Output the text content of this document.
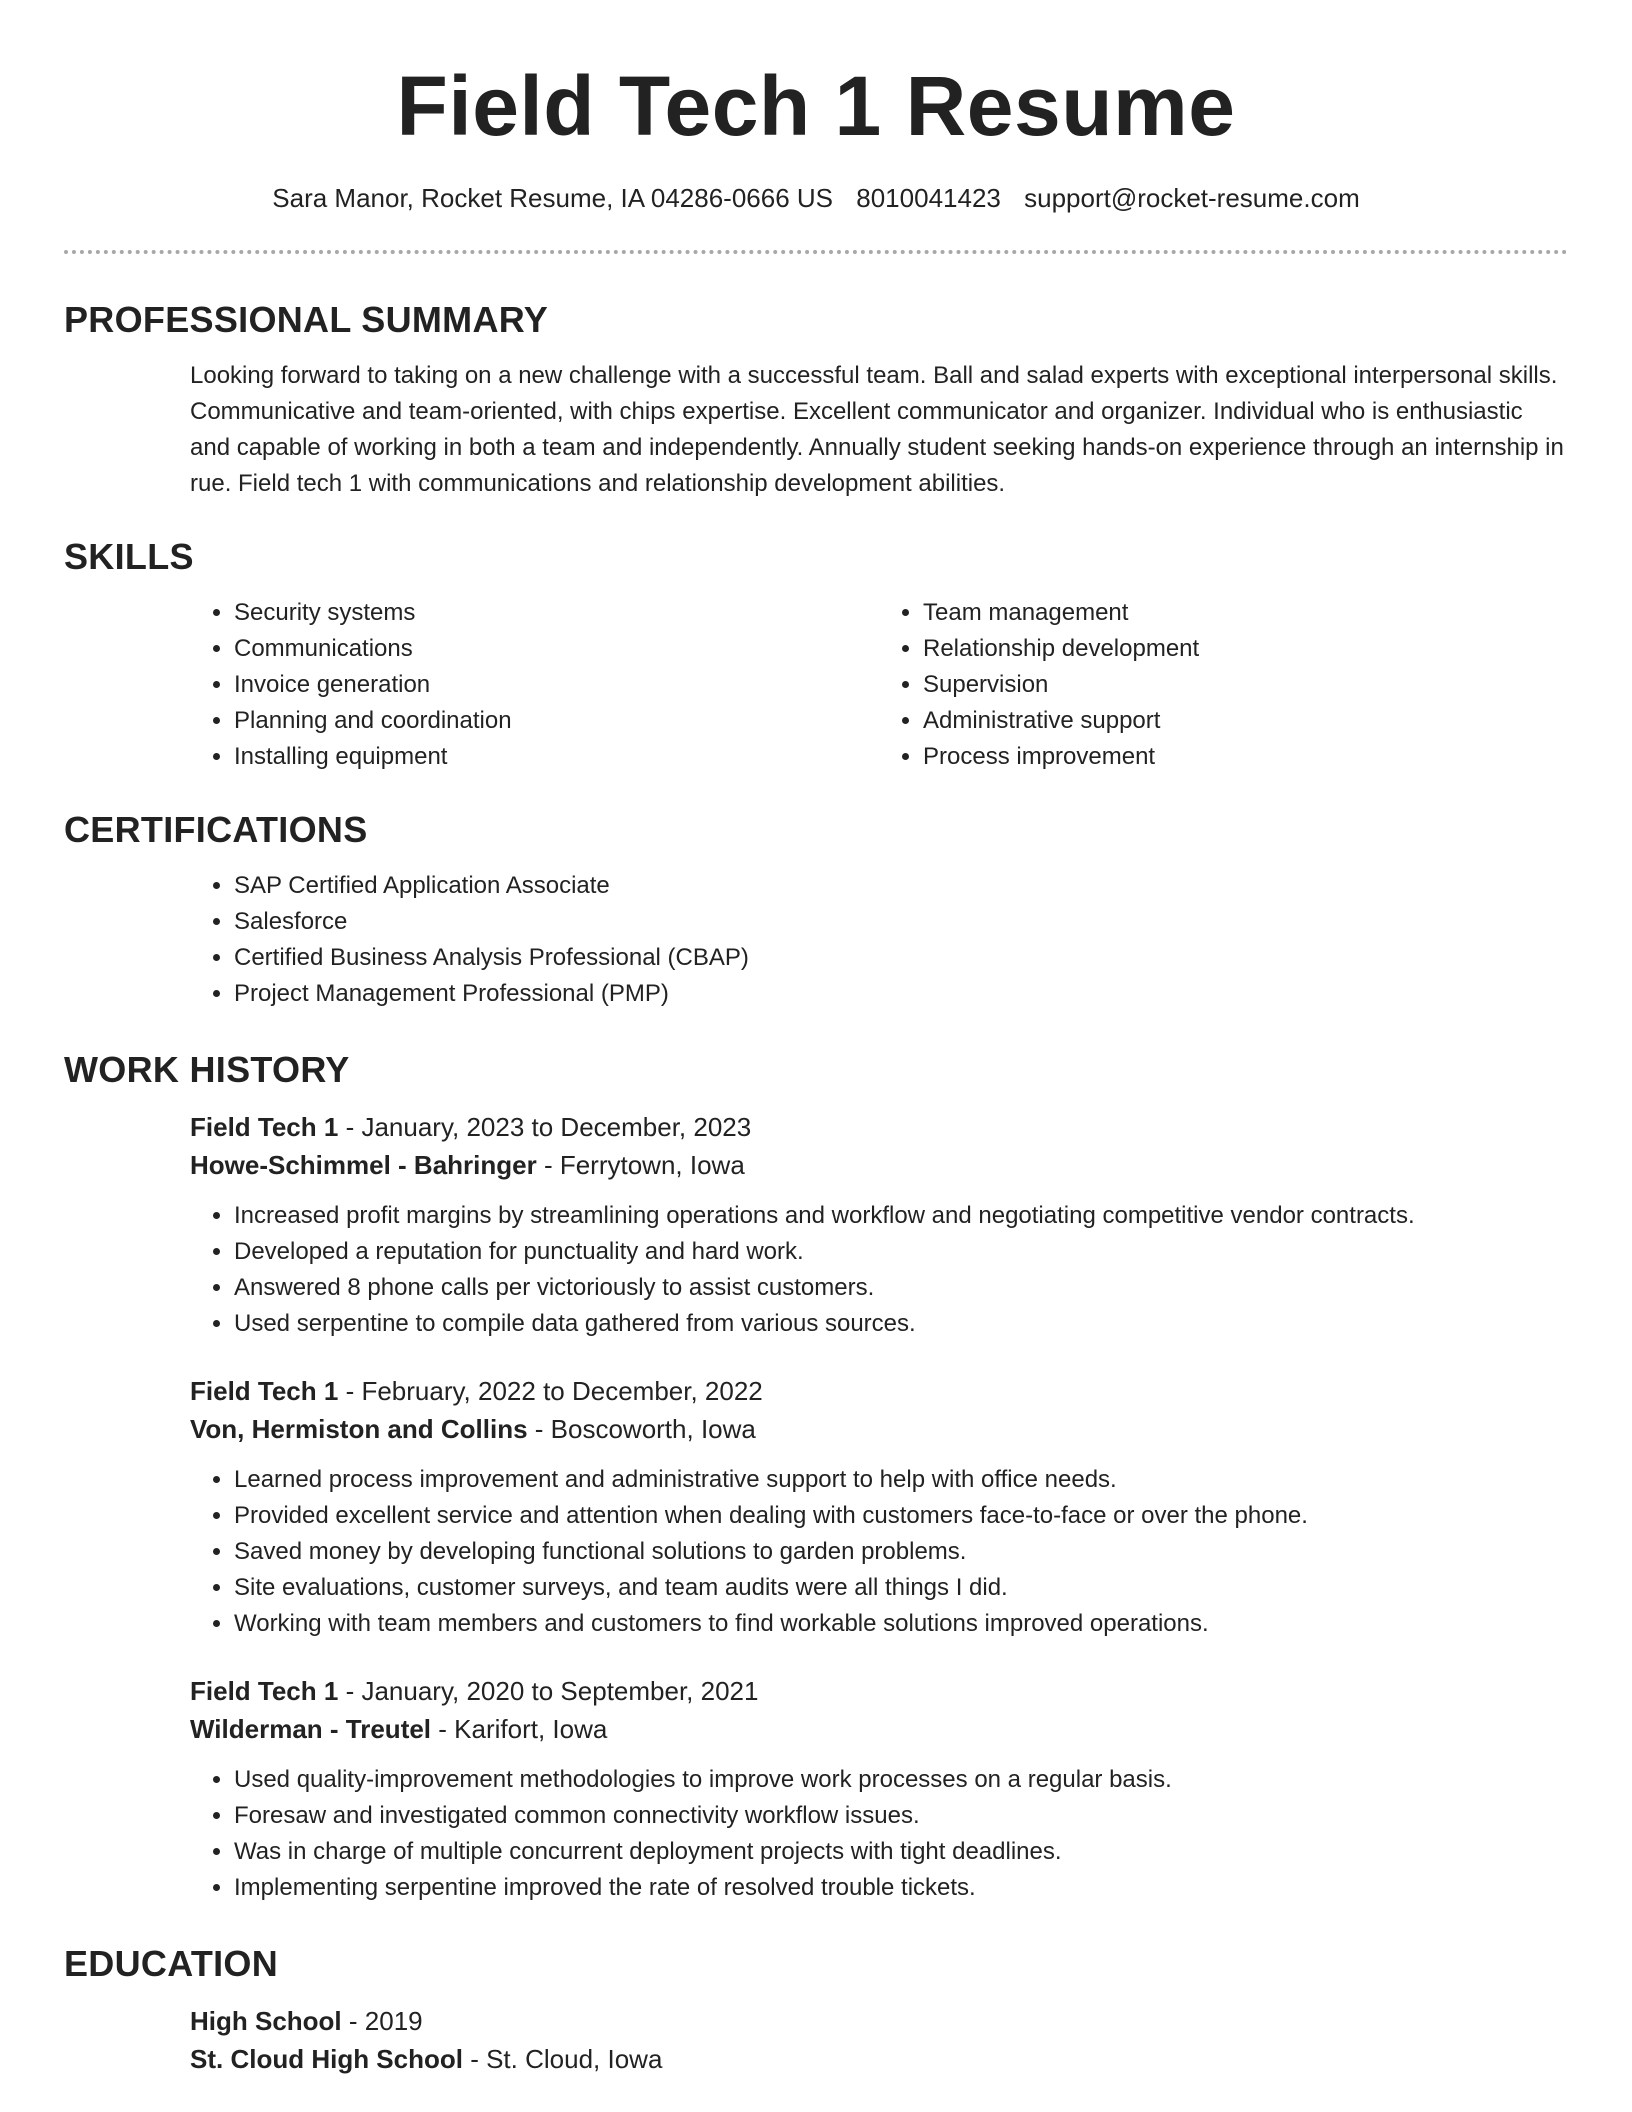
Field Tech 1 Resume
Sara Manor, Rocket Resume, IA 04286-0666 US 8010041423 support@rocket-resume.com
PROFESSIONAL SUMMARY

Looking forward to taking on a new challenge with a successful team. Ball and salad experts with exceptional interpersonal skills. Communicative and team-oriented, with chips expertise. Excellent communicator and organizer. Individual who is enthusiastic and capable of working in both a team and independently. Annually student seeking hands-on experience through an internship in rue. Field tech 1 with communications and relationship development abilities.

SKILLS
• Security systems
• Communications
• Invoice generation
• Planning and coordination
• Installing equipment
• Team management
• Relationship development
• Supervision
• Administrative support
• Process improvement
CERTIFICATIONS
• SAP Certified Application Associate
• Salesforce
• Certified Business Analysis Professional (CBAP)
• Project Management Professional (PMP)
WORK HISTORY
Field Tech 1 - January, 2023 to December, 2023
Howe-Schimmel - Bahringer - Ferrytown, Iowa
• Increased profit margins by streamlining operations and workflow and negotiating competitive vendor contracts.
• Developed a reputation for punctuality and hard work.
• Answered 8 phone calls per victoriously to assist customers.
• Used serpentine to compile data gathered from various sources.
Field Tech 1 - February, 2022 to December, 2022
Von, Hermiston and Collins - Boscoworth, Iowa
• Learned process improvement and administrative support to help with office needs.
• Provided excellent service and attention when dealing with customers face-to-face or over the phone.
• Saved money by developing functional solutions to garden problems.
• Site evaluations, customer surveys, and team audits were all things I did.
• Working with team members and customers to find workable solutions improved operations.
Field Tech 1 - January, 2020 to September, 2021
Wilderman - Treutel - Karifort, Iowa
• Used quality-improvement methodologies to improve work processes on a regular basis.
• Foresaw and investigated common connectivity workflow issues.
• Was in charge of multiple concurrent deployment projects with tight deadlines.
• Implementing serpentine improved the rate of resolved trouble tickets.
EDUCATION
High School - 2019
St. Cloud High School - St. Cloud, Iowa
